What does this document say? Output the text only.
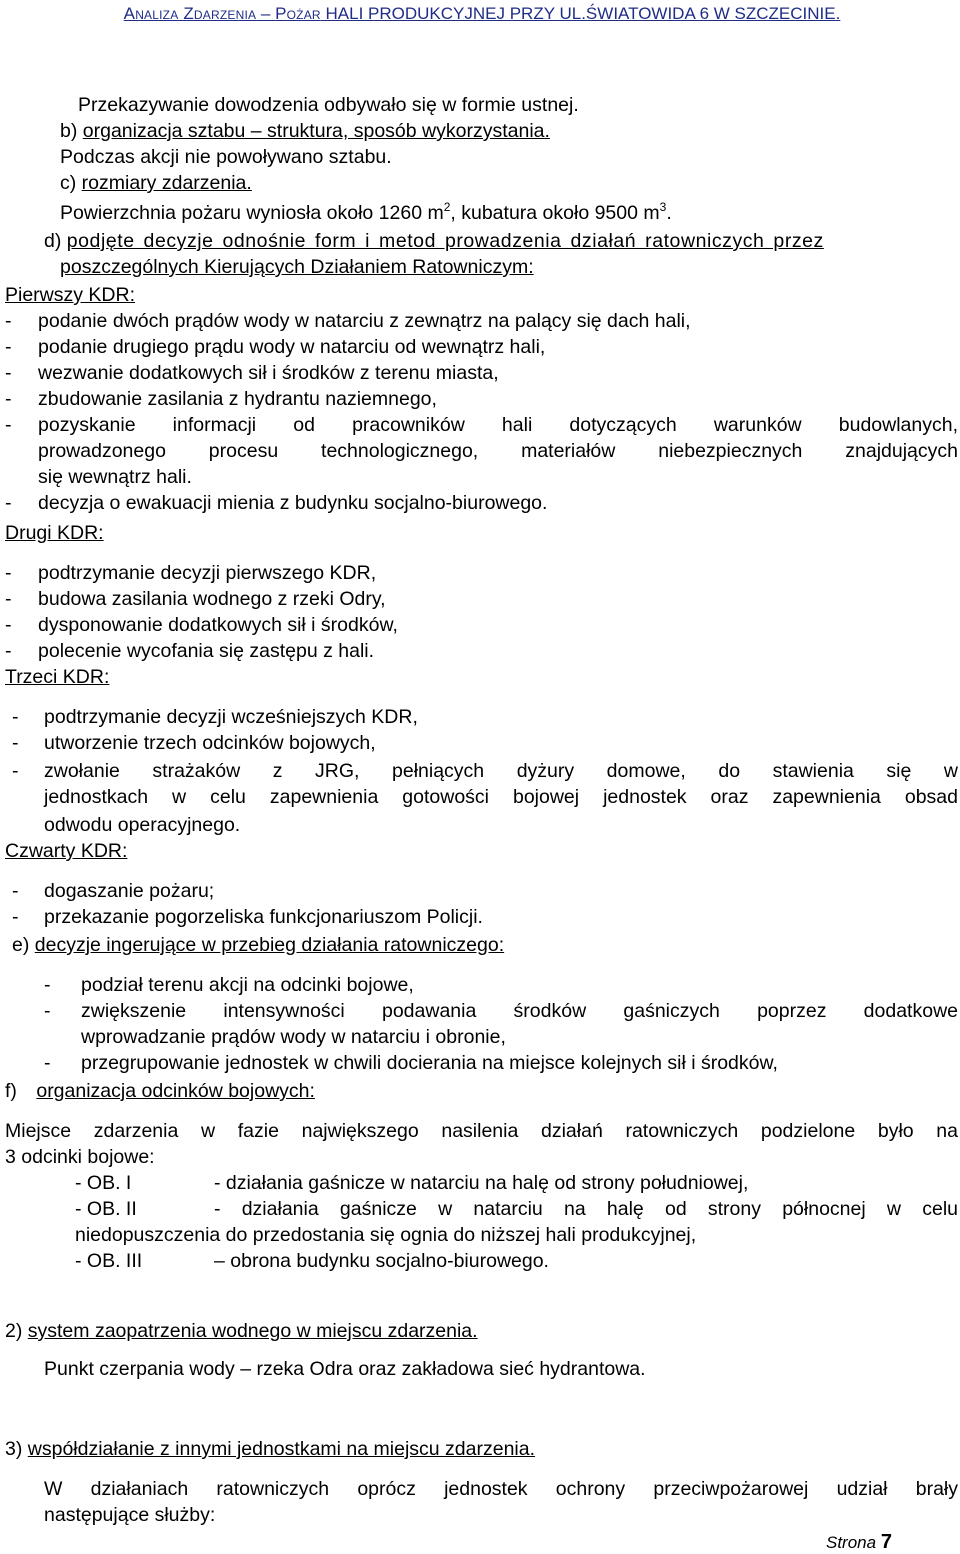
Analiza Zdarzenia – Pożar HALI PRODUKCYJNEJ PRZY UL.ŚWIATOWIDA 6 W SZCZECINIE.
Przekazywanie dowodzenia odbywało się w formie ustnej.
b) organizacja sztabu – struktura, sposób wykorzystania.
Podczas akcji nie powoływano sztabu.
c) rozmiary zdarzenia.
Powierzchnia pożaru wyniosła około 1260 $m^2$, kubatura około 9500 $m^3$.
d) podjęte decyzje odnośnie form i metod prowadzenia działań ratowniczych przez
poszczególnych Kierujących Działaniem Ratowniczym:
Pierwszy KDR:
- podanie dwóch prądów wody w natarciu z zewnątrz na palący się dach hali,
- podanie drugiego prądu wody w natarciu od wewnątrz hali,
- wezwanie dodatkowych sił i środków z terenu miasta,
- zbudowanie zasilania z hydrantu naziemnego,
- pozyskanie informacji od pracowników hali dotyczących warunków budowlanych,
prowadzonego procesu technologicznego, materiałów niebezpiecznych znajdujących
się wewnątrz hali.
- decyzja o ewakuacji mienia z budynku socjalno-biurowego.
Drugi KDR:
- podtrzymanie decyzji pierwszego KDR,
- budowa zasilania wodnego z rzeki Odry,
- dysponowanie dodatkowych sił i środków,
- polecenie wycofania się zastępu z hali.
Trzeci KDR:
- podtrzymanie decyzji wcześniejszych KDR,
- utworzenie trzech odcinków bojowych,
- zwołanie strażaków z JRG, pełniących dyżury domowe, do stawienia się w
jednostkach w celu zapewnienia gotowości bojowej jednostek oraz zapewnienia obsad
odwodu operacyjnego.
Czwarty KDR:
- dogaszanie pożaru;
- przekazanie pogorzeliska funkcjonariuszom Policji.
e) decyzje ingerujące w przebieg działania ratowniczego:
- podział terenu akcji na odcinki bojowe,
- zwiększenie intensywności podawania środków gaśniczych poprzez dodatkowe
wprowadzanie prądów wody w natarciu i obronie,
- przegrupowanie jednostek w chwili docierania na miejsce kolejnych sił i środków,
f) organizacja odcinków bojowych:
Miejsce zdarzenia w fazie największego nasilenia działań ratowniczych podzielone było na
3 odcinki bojowe:
- OB. I	- działania gaśnicze w natarciu na halę od strony południowej,
- OB. II	- działania gaśnicze w natarciu na halę od strony północnej w celu
niedopuszczenia do przedostania się ognia do niższej hali produkcyjnej,
- OB. III	– obrona budynku socjalno-biurowego.
2) system zaopatrzenia wodnego w miejscu zdarzenia.
Punkt czerpania wody – rzeka Odra oraz zakładowa sieć hydrantowa.
3) współdziałanie z innymi jednostkami na miejscu zdarzenia.
W działaniach ratowniczych oprócz jednostek ochrony przeciwpożarowej udział brały
następujące służby:
Strona 7
